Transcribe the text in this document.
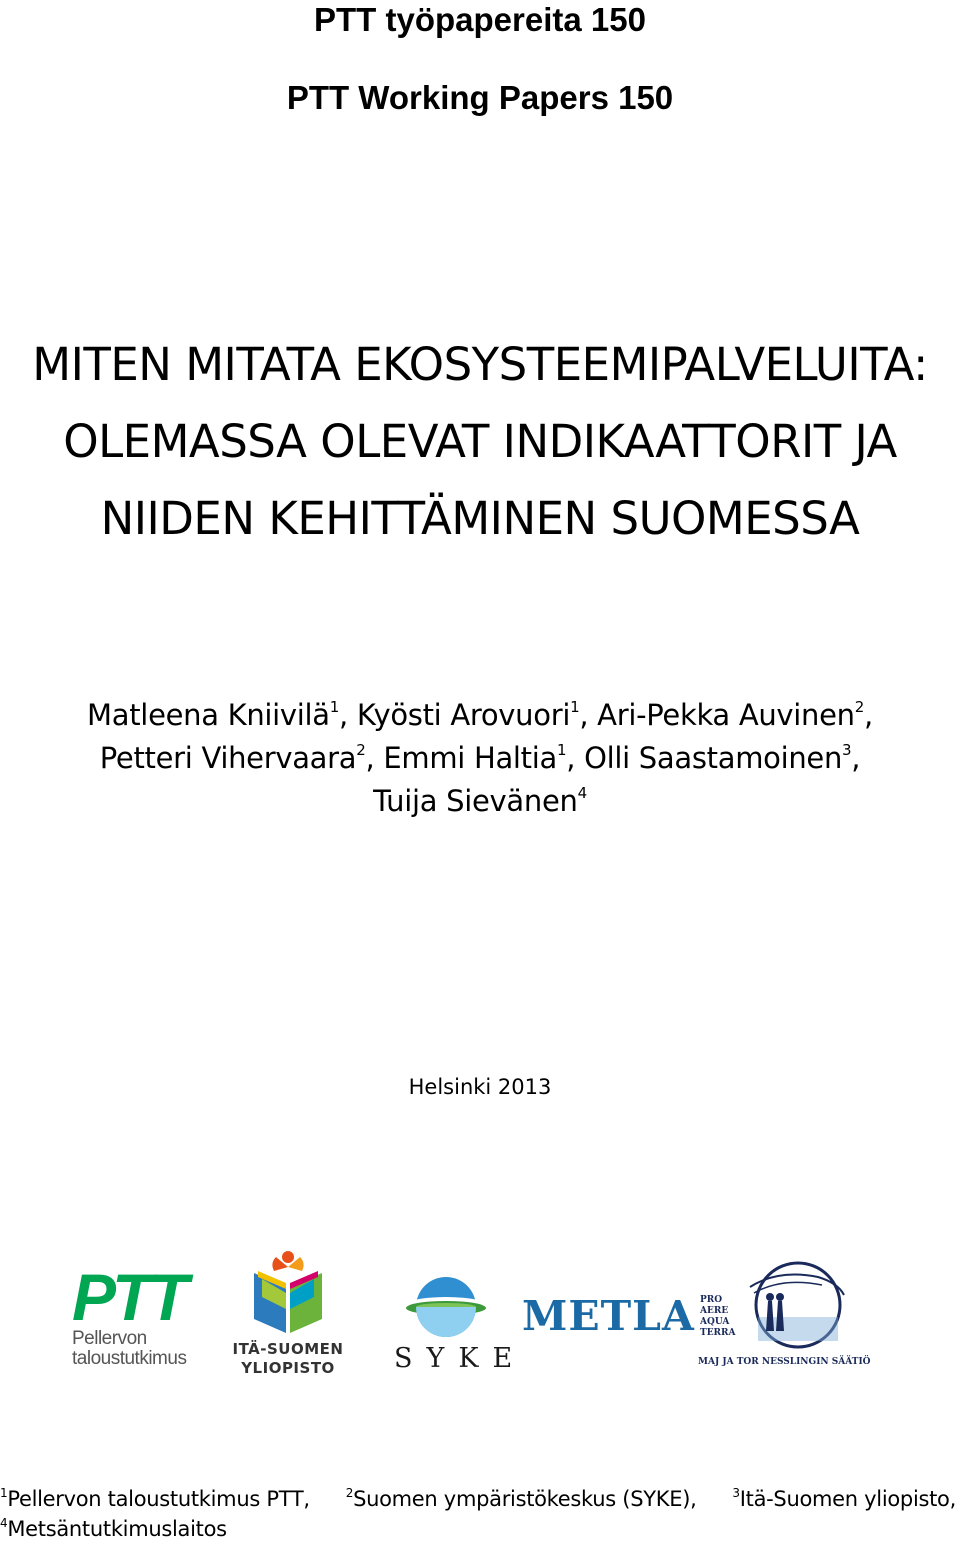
PTT työpapereita 150
PTT Working Papers 150
MITEN MITATA EKOSYSTEEMIPALVELUITA:
OLEMASSA OLEVAT INDIKAATTORIT JA
NIIDEN KEHITTÄMINEN SUOMESSA
Matleena Kniivilä$^1$, Kyösti Arovuori$^1$, Ari-Pekka Auvinen$^2$,
Petteri Vihervaara$^2$, Emmi Haltia$^1$, Olli Saastamoinen$^3$,
Tuija Sievänen$^4$
Helsinki 2013
PTT
Pellervon
taloustutkimus	ITÄ-SUOMEN
YLIOPISTO	SYKE
METLA PRO
AERE
AQUA
TERRA
MAJ JA TOR NESSLINGIN SÄÄTIÖ
$^1$Pellervon taloustutkimus PTT,	$^2$Suomen ympäristökeskus (SYKE),	$^3$Itä-Suomen yliopisto,
$^4$Metsäntutkimuslaitos
